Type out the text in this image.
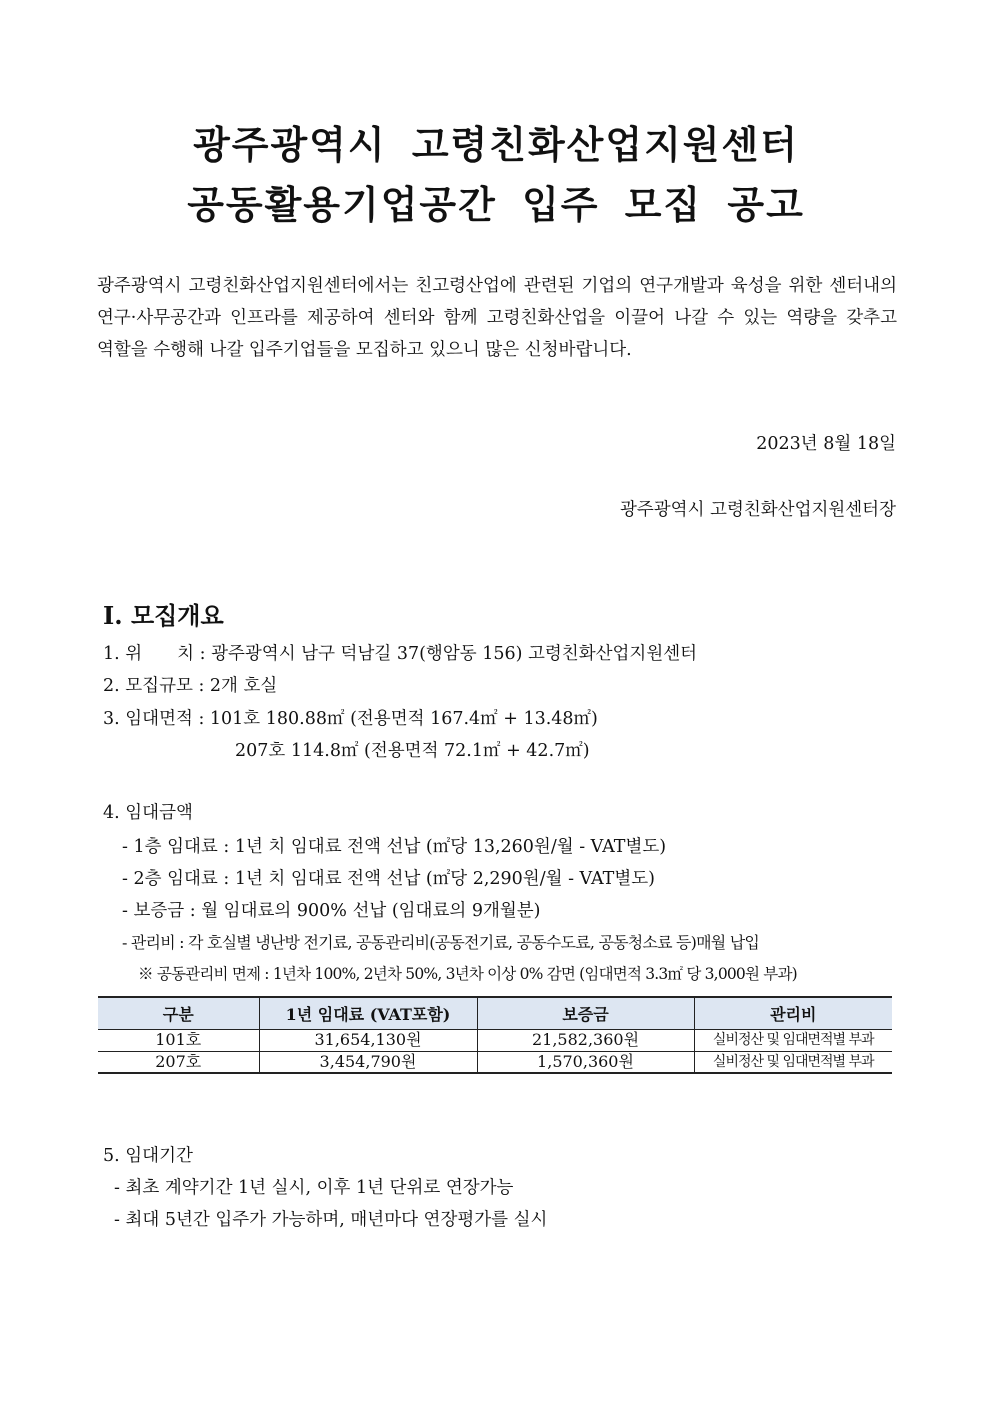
광주광역시 고령친화산업지원센터
공동활용기업공간 입주 모집 공고
광주광역시 고령친화산업지원센터에서는 친고령산업에 관련된 기업의 연구개발과 육성을 위한 센터내의 연구·사무공간과 인프라를 제공하여 센터와 함께 고령친화산업을 이끌어 나갈 수 있는 역량을 갖추고 역할을 수행해 나갈 입주기업들을 모집하고 있으니 많은 신청바랍니다.
2023년 8월 18일
광주광역시 고령친화산업지원센터장
Ⅰ. 모집개요
1. 위　　치 : 광주광역시 남구 덕남길 37(행암동 156) 고령친화산업지원센터
2. 모집규모 : 2개 호실
3. 임대면적 : 101호 180.88㎡ (전용면적 167.4㎡ + 13.48㎡)
207호 114.8㎡ (전용면적 72.1㎡ + 42.7㎡)
4. 임대금액
- 1층 임대료 : 1년 치 임대료 전액 선납 (㎡당 13,260원/월 - VAT별도)
- 2층 임대료 : 1년 치 임대료 전액 선납 (㎡당 2,290원/월 - VAT별도)
- 보증금 : 월 임대료의 900% 선납 (임대료의 9개월분)
- 관리비 : 각 호실별 냉난방 전기료, 공동관리비(공동전기료, 공동수도료, 공동청소료 등)매월 납입
※ 공동관리비 면제 : 1년차 100%, 2년차 50%, 3년차 이상 0% 감면 (임대면적 3.3㎡ 당 3,000원 부과)
구분	1년 임대료 (VAT포함)	보증금	관리비
101호	31,654,130원	21,582,360원	실비정산 및 임대면적별 부과
207호	3,454,790원	1,570,360원	실비정산 및 임대면적별 부과
5. 임대기간
- 최초 계약기간 1년 실시, 이후 1년 단위로 연장가능
- 최대 5년간 입주가 가능하며, 매년마다 연장평가를 실시
